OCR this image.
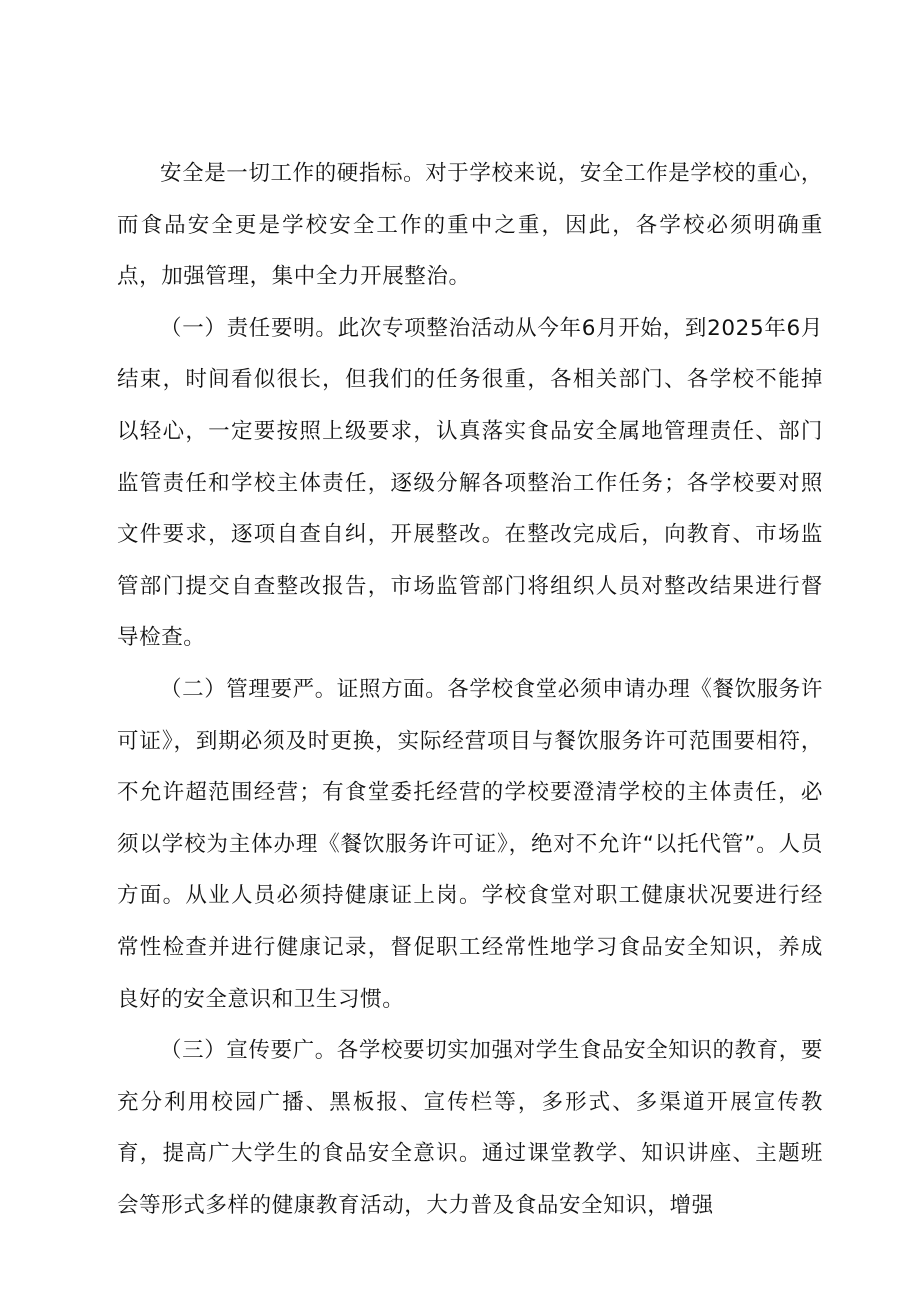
安全是一切工作的硬指标。对于学校来说，安全工作是学校的重心，而食品安全更是学校安全工作的重中之重，因此，各学校必须明确重点，加强管理，集中全力开展整治。

（一）责任要明。此次专项整治活动从今年6月开始，到2025年6月结束，时间看似很长，但我们的任务很重，各相关部门、各学校不能掉以轻心，一定要按照上级要求，认真落实食品安全属地管理责任、部门监管责任和学校主体责任，逐级分解各项整治工作任务；各学校要对照文件要求，逐项自查自纠，开展整改。在整改完成后，向教育、市场监管部门提交自查整改报告，市场监管部门将组织人员对整改结果进行督导检查。

（二）管理要严。证照方面。各学校食堂必须申请办理《餐饮服务许可证》，到期必须及时更换，实际经营项目与餐饮服务许可范围要相符，不允许超范围经营；有食堂委托经营的学校要澄清学校的主体责任，必须以学校为主体办理《餐饮服务许可证》，绝对不允许“以托代管”。人员方面。从业人员必须持健康证上岗。学校食堂对职工健康状况要进行经常性检查并进行健康记录，督促职工经常性地学习食品安全知识，养成良好的安全意识和卫生习惯。

（三）宣传要广。各学校要切实加强对学生食品安全知识的教育，要充分利用校园广播、黑板报、宣传栏等，多形式、多渠道开展宣传教育，提高广大学生的食品安全意识。通过课堂教学、知识讲座、主题班会等形式多样的健康教育活动，大力普及食品安全知识，增强
